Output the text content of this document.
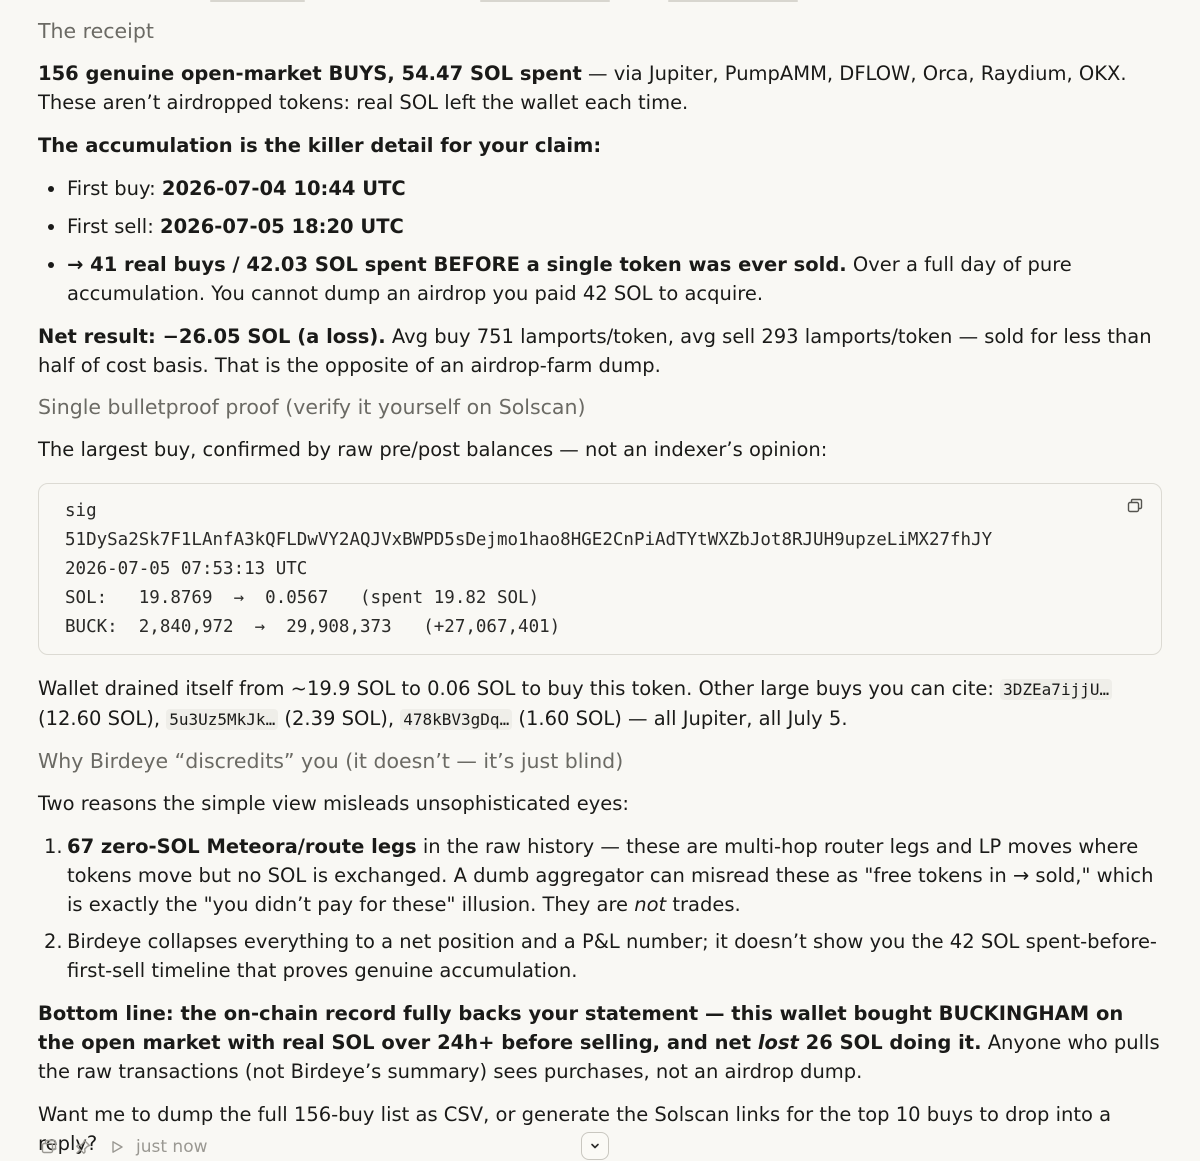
The receipt

156 genuine open-market BUYS, 54.47 SOL spent — via Jupiter, PumpAMM, DFLOW, Orca, Raydium, OKX. These aren’t airdropped tokens: real SOL left the wallet each time.

The accumulation is the killer detail for your claim:

First buy: 2026-07-04 10:44 UTC
First sell: 2026-07-05 18:20 UTC
→ 41 real buys / 42.03 SOL spent BEFORE a single token was ever sold. Over a full day of pure accumulation. You cannot dump an airdrop you paid 42 SOL to acquire.

Net result: −26.05 SOL (a loss). Avg buy 751 lamports/token, avg sell 293 lamports/token — sold for less than half of cost basis. That is the opposite of an airdrop-farm dump.

Single bulletproof proof (verify it yourself on Solscan)

The largest buy, confirmed by raw pre/post balances — not an indexer’s opinion:

sig
51DySa2Sk7F1LAnfA3kQFLDwVY2AQJVxBWPD5sDejmo1hao8HGE2CnPiAdTYtWXZbJot8RJUH9upzeLiMX27fhJY
2026-07-05 07:53:13 UTC
SOL:   19.8769  →  0.0567   (spent 19.82 SOL)
BUCK:  2,840,972  →  29,908,373   (+27,067,401)

Wallet drained itself from ~19.9 SOL to 0.06 SOL to buy this token. Other large buys you can cite: 3DZEa7ijjU… (12.60 SOL), 5u3Uz5MkJk… (2.39 SOL), 478kBV3gDq… (1.60 SOL) — all Jupiter, all July 5.

Why Birdeye “discredits” you (it doesn’t — it’s just blind)

Two reasons the simple view misleads unsophisticated eyes:

1. 67 zero-SOL Meteora/route legs in the raw history — these are multi-hop router legs and LP moves where tokens move but no SOL is exchanged. A dumb aggregator can misread these as "free tokens in → sold," which is exactly the "you didn’t pay for these" illusion. They are not trades.
2. Birdeye collapses everything to a net position and a P&L number; it doesn’t show you the 42 SOL spent-before-first-sell timeline that proves genuine accumulation.

Bottom line: the on-chain record fully backs your statement — this wallet bought BUCKINGHAM on the open market with real SOL over 24h+ before selling, and net lost 26 SOL doing it. Anyone who pulls the raw transactions (not Birdeye’s summary) sees purchases, not an airdrop dump.

Want me to dump the full 156-buy list as CSV, or generate the Solscan links for the top 10 buys to drop into a reply?	just now
